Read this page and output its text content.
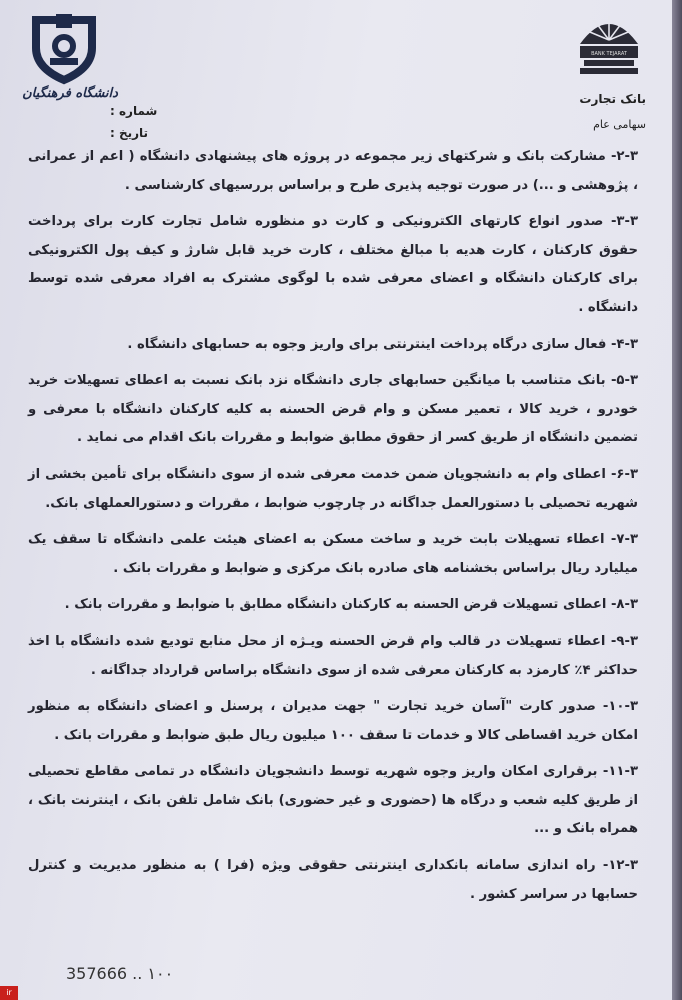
BANK TEJARAT
بانک تجارت
سهامی عام
دانشگاه فرهنگیان
شماره :
تاریخ :

۲-۳- مشارکت بانک و شرکتهای زیر مجموعه در پروژه های پیشنهادی دانشگاه ( اعم از عمرانی ، پژوهشی و ...) در صورت توجیه پذیری طرح و براساس بررسیهای کارشناسی .

۳-۳- صدور انواع کارتهای الکترونیکی و کارت دو منظوره شامل تجارت کارت برای پرداخت حقوق کارکنان ، کارت هدیه با مبالغ مختلف ، کارت خرید قابل شارژ و کیف پول الکترونیکی برای کارکنان دانشگاه و اعضای معرفی شده با لوگوی مشترک به افراد معرفی شده توسط دانشگاه .

۴-۳- فعال سازی درگاه پرداخت اینترنتی برای واریز وجوه به حسابهای دانشگاه .

۵-۳- بانک متناسب با میانگین حسابهای جاری دانشگاه نزد بانک نسبت به اعطای تسهیلات خرید خودرو ، خرید کالا ، تعمیر مسکن و وام قرض الحسنه به کلیه کارکنان دانشگاه با معرفی و تضمین دانشگاه از طریق کسر از حقوق مطابق ضوابط و مقررات بانک اقدام می نماید .

۶-۳- اعطای وام به دانشجویان ضمن خدمت معرفی شده از سوی دانشگاه برای تأمین بخشی از شهریه تحصیلی با دستورالعمل جداگانه در چارچوب ضوابط ، مقررات و دستورالعملهای بانک.

۷-۳- اعطاء تسهیلات بابت خرید و ساخت مسکن به اعضای هیئت علمی دانشگاه تا سقف یک میلیارد ریال براساس بخشنامه های صادره بانک مرکزی و ضوابط و مقررات بانک .

۸-۳- اعطای تسهیلات قرض الحسنه به کارکنان دانشگاه مطابق با ضوابط و مقررات بانک .

۹-۳- اعطاء تسهیلات در قالب وام قرض الحسنه ویـژه از محل منابع تودیع شده دانشگاه با اخذ حداکثر ۴٪ کارمزد به کارکنان معرفی شده از سوی دانشگاه براساس قرارداد جداگانه .

۱۰-۳- صدور کارت "آسان خرید تجارت " جهت مدیران ، پرسنل و اعضای دانشگاه به منظور امکان خرید اقساطی کالا و خدمات تا سقف ۱۰۰ میلیون ریال طبق ضوابط و مقررات بانک .

۱۱-۳- برقراری امکان واریز وجوه شهریه توسط دانشجویان دانشگاه در تمامی مقاطع تحصیلی از طریق کلیه شعب و درگاه ها (حضوری و غیر حضوری) بانک شامل تلفن بانک ، اینترنت بانک ، همراه بانک و ...

۱۲-۳- راه اندازی سامانه بانکداری اینترنتی حقوقی ویژه (فرا ) به منظور مدیریت و کنترل حسابها در سراسر کشور .

357666 .. ۱۰۰
ir
